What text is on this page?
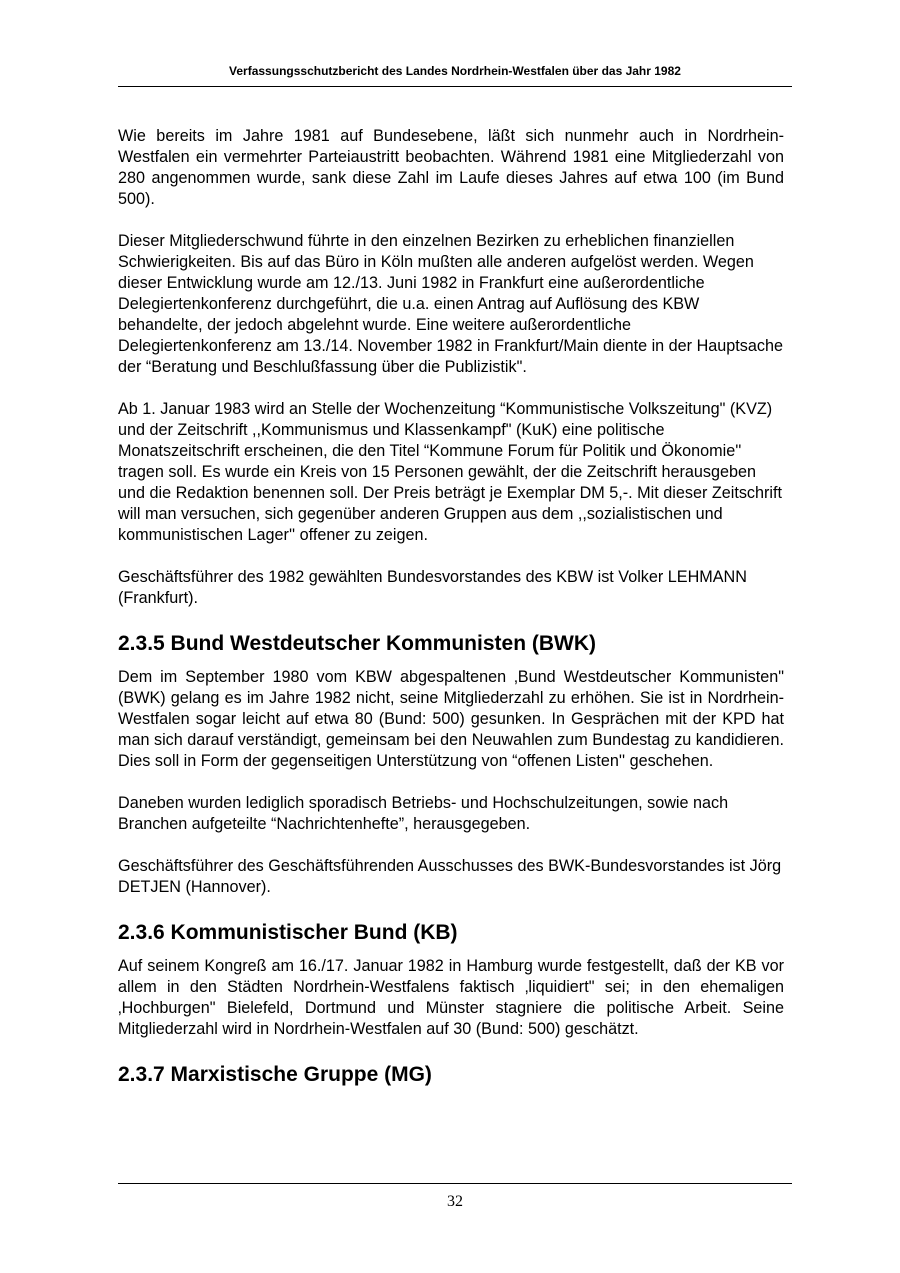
Verfassungsschutzbericht des Landes Nordrhein-Westfalen über das Jahr 1982

Wie bereits im Jahre 1981 auf Bundesebene, läßt sich nunmehr auch in Nordrhein-Westfalen ein vermehrter Parteiaustritt beobachten. Während 1981 eine Mitgliederzahl von 280 angenommen wurde, sank diese Zahl im Laufe dieses Jahres auf etwa 100 (im Bund 500).

Dieser Mitgliederschwund führte in den einzelnen Bezirken zu erheblichen finanziellen Schwierigkeiten. Bis auf das Büro in Köln mußten alle anderen aufgelöst werden. Wegen dieser Entwicklung wurde am 12./13. Juni 1982 in Frankfurt eine außerordentliche Delegiertenkonferenz durchgeführt, die u.a. einen Antrag auf Auflösung des KBW behandelte, der jedoch abgelehnt wurde. Eine weitere außerordentliche Delegiertenkonferenz am 13./14. November 1982 in Frankfurt/Main diente in der Hauptsache der “Beratung und Beschlußfassung über die Publizistik".

Ab 1. Januar 1983 wird an Stelle der Wochenzeitung “Kommunistische Volkszeitung" (KVZ) und der Zeitschrift ,,Kommunismus und Klassenkampf" (KuK) eine politische Monatszeitschrift erscheinen, die den Titel “Kommune Forum für Politik und Ökonomie'' tragen soll. Es wurde ein Kreis von 15 Personen gewählt, der die Zeitschrift herausgeben und die Redaktion benennen soll. Der Preis beträgt je Exemplar DM 5,-. Mit dieser Zeitschrift will man versuchen, sich gegenüber anderen Gruppen aus dem ,,sozialistischen und kommunistischen Lager'' offener zu zeigen.

Geschäftsführer des 1982 gewählten Bundesvorstandes des KBW ist Volker LEHMANN (Frankfurt).

2.3.5 Bund Westdeutscher Kommunisten (BWK)

Dem im September 1980 vom KBW abgespaltenen ‚Bund Westdeutscher Kommunisten" (BWK) gelang es im Jahre 1982 nicht, seine Mitgliederzahl zu erhöhen. Sie ist in Nordrhein-Westfalen sogar leicht auf etwa 80 (Bund: 500) gesunken. In Gesprächen mit der KPD hat man sich darauf verständigt, gemeinsam bei den Neuwahlen zum Bundestag zu kandidieren. Dies soll in Form der gegenseitigen Unterstützung von “offenen Listen'' geschehen.

Daneben wurden lediglich sporadisch Betriebs- und Hochschulzeitungen, sowie nach Branchen aufgeteilte “Nachrichtenhefte”, herausgegeben.

Geschäftsführer des Geschäftsführenden Ausschusses des BWK-Bundesvorstandes ist Jörg DETJEN (Hannover).

2.3.6 Kommunistischer Bund (KB)

Auf seinem Kongreß am 16./17. Januar 1982 in Hamburg wurde festgestellt, daß der KB vor allem in den Städten Nordrhein-Westfalens faktisch ‚liquidiert" sei; in den ehemaligen ‚Hochburgen" Bielefeld, Dortmund und Münster stagniere die politische Arbeit. Seine Mitgliederzahl wird in Nordrhein-Westfalen auf 30 (Bund: 500) geschätzt.

2.3.7 Marxistische Gruppe (MG)
32
